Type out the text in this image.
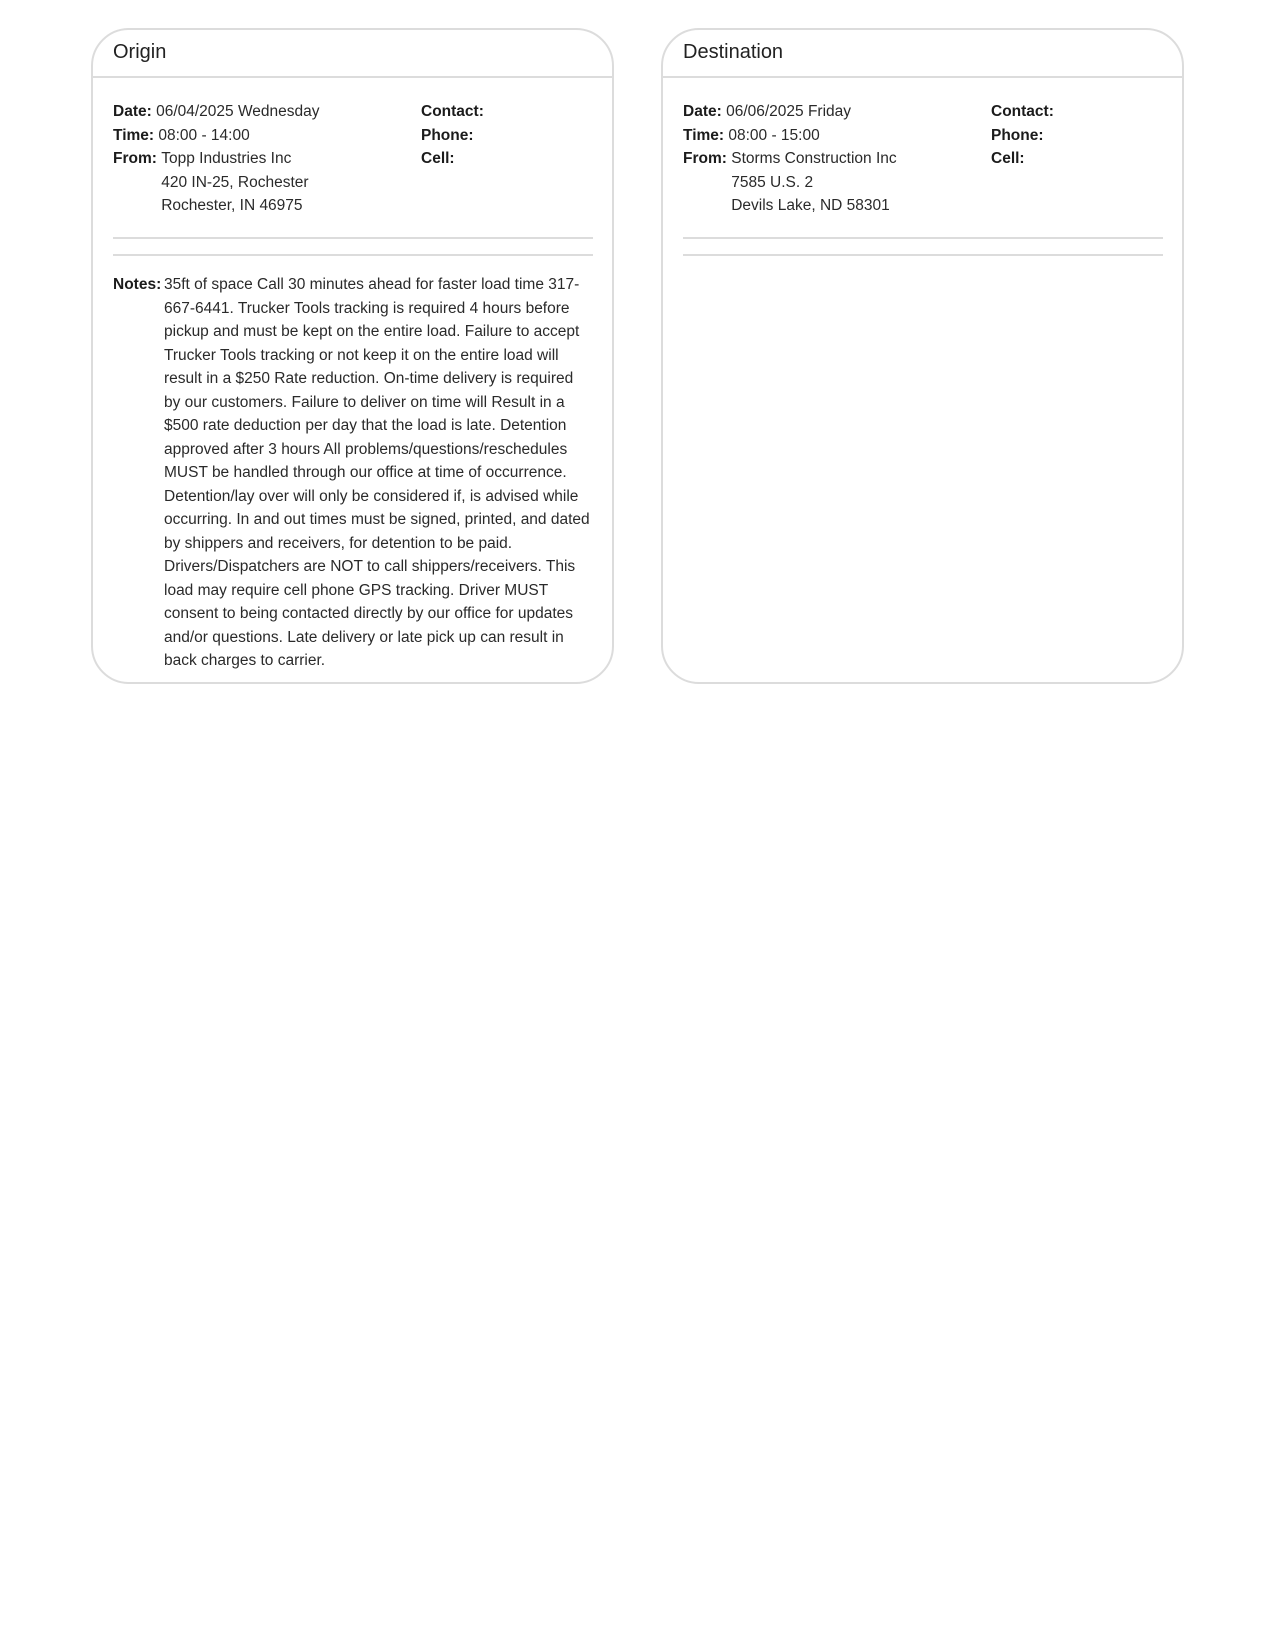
Origin
Date: 06/04/2025 Wednesday
Time: 08:00 - 14:00
From:
Topp Industries Inc
420 IN-25, Rochester
Rochester, IN 46975
Contact:
Phone:
Cell:
Notes: 35ft of space Call 30 minutes ahead for faster load time 317-667-6441. Trucker Tools tracking is required 4 hours before pickup and must be kept on the entire load. Failure to accept Trucker Tools tracking or not keep it on the entire load will result in a $250 Rate reduction. On-time delivery is required by our customers. Failure to deliver on time will Result in a $500 rate deduction per day that the load is late. Detention approved after 3 hours All problems/questions/reschedules MUST be handled through our office at time of occurrence. Detention/lay over will only be considered if, is advised while occurring. In and out times must be signed, printed, and dated by shippers and receivers, for detention to be paid. Drivers/Dispatchers are NOT to call shippers/receivers. This load may require cell phone GPS tracking. Driver MUST consent to being contacted directly by our office for updates and/or questions. Late delivery or late pick up can result in back charges to carrier.
Destination
Date: 06/06/2025 Friday
Time: 08:00 - 15:00
From:
Storms Construction Inc
7585 U.S. 2
Devils Lake, ND 58301
Contact:
Phone:
Cell:
